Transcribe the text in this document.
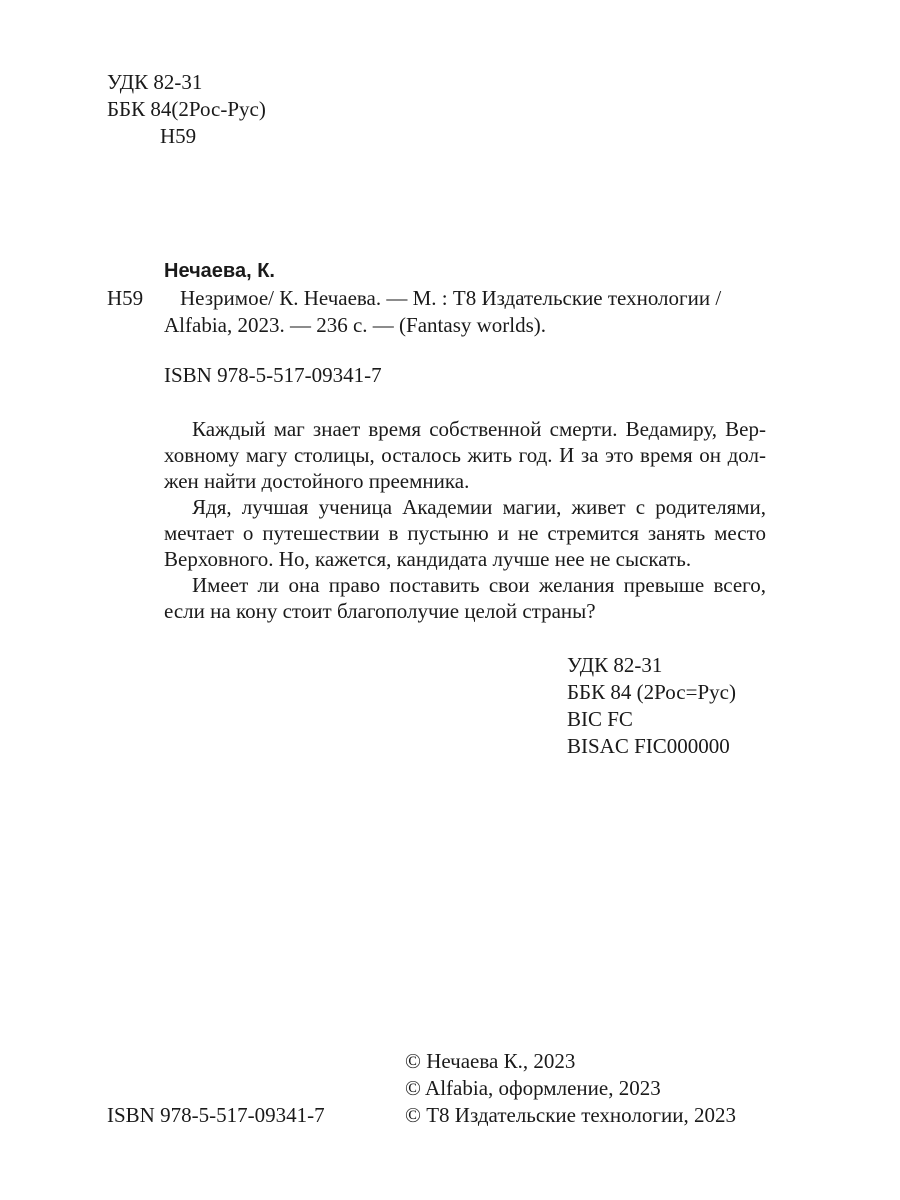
УДК 82-31
ББК 84(2Рос-Рус)
Н59
Нечаева, К.
Н59 Незримое/ К. Нечаева. — М. : Т8 Издательские технологии /
Alfabia, 2023. — 236 с. — (Fantasy worlds).
ISBN 978-5-517-09341-7

Каждый маг знает время собственной смерти. Ведамиру, Верховному магу столицы, осталось жить год. И за это время он должен найти достойного преемника.

Ядя, лучшая ученица Академии магии, живет с родителями, мечтает о путешествии в пустыню и не стремится занять место Верховного. Но, кажется, кандидата лучше нее не сыскать.

Имеет ли она право поставить свои желания превыше всего, если на кону стоит благополучие целой страны?

УДК 82-31
ББК 84 (2Рос=Рус)
BIC FC
BISAC FIC000000
© Нечаева К., 2023
© Alfabia, оформление, 2023
© Т8 Издательские технологии, 2023
ISBN 978-5-517-09341-7
